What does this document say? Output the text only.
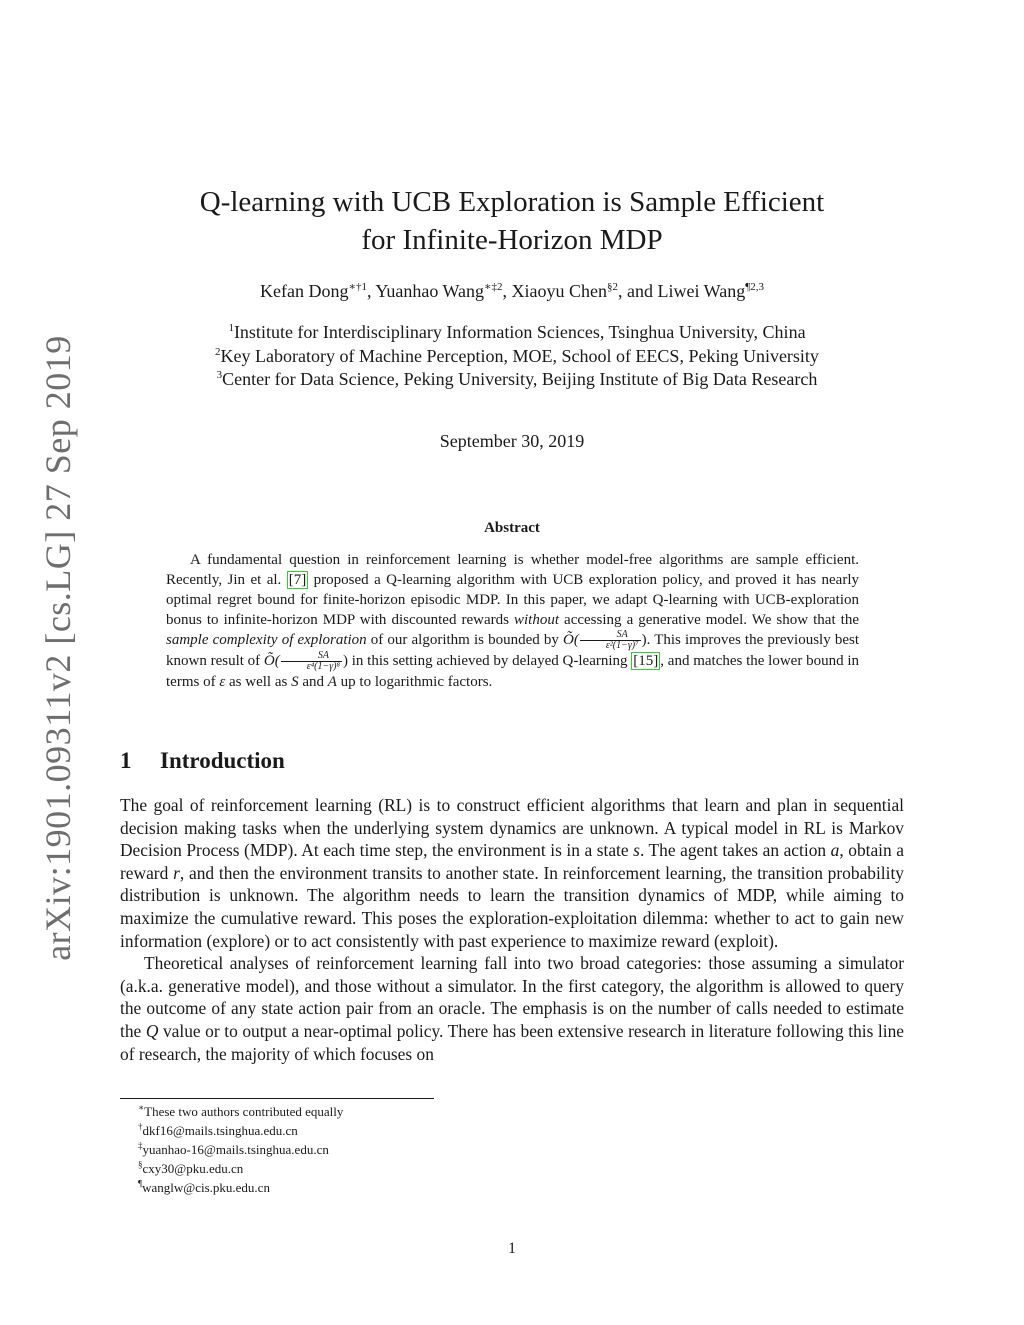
arXiv:1901.09311v2 [cs.LG] 27 Sep 2019
Q-learning with UCB Exploration is Sample Efficient
for Infinite-Horizon MDP
Kefan Dong$^{∗\dagger 1}$, Yuanhao Wang$^{∗\ddagger 2}$, Xiaoyu Chen$^{\S 2}$, and Liwei Wang$^{\P 2,3}$
$^1$Institute for Interdisciplinary Information Sciences, Tsinghua University, China
$^2$Key Laboratory of Machine Perception, MOE, School of EECS, Peking University
$^3$Center for Data Science, Peking University, Beijing Institute of Big Data Research
September 30, 2019
Abstract

A fundamental question in reinforcement learning is whether model-free algorithms are sample efficient. Recently, Jin et al. [7] proposed a Q-learning algorithm with UCB exploration policy, and proved it has nearly optimal regret bound for finite-horizon episodic MDP. In this paper, we adapt Q-learning with UCB-exploration bonus to infinite-horizon MDP with discounted rewards without accessing a generative model. We show that the sample complexity of exploration of our algorithm is bounded by Õ( $\frac{SA}{\text{ε²(1−γ)⁷}}$ ). This improves the previously best known result of Õ( $\frac{SA}{\text{ε⁴(1−γ)⁸}}$ ) in this setting achieved by delayed Q-learning [15] , and matches the lower bound in terms of ε as well as S and A up to logarithmic factors.

1 Introduction

The goal of reinforcement learning (RL) is to construct efficient algorithms that learn and plan in sequential decision making tasks when the underlying system dynamics are unknown. A typical model in RL is Markov Decision Process (MDP). At each time step, the environment is in a state s. The agent takes an action a, obtain a reward r, and then the environment transits to another state. In reinforcement learning, the transition probability distribution is unknown. The algorithm needs to learn the transition dynamics of MDP, while aiming to maximize the cumulative reward. This poses the exploration-exploitation dilemma: whether to act to gain new information (explore) or to act consistently with past experience to maximize reward (exploit).

Theoretical analyses of reinforcement learning fall into two broad categories: those assuming a simulator (a.k.a. generative model), and those without a simulator. In the first category, the algorithm is allowed to query the outcome of any state action pair from an oracle. The emphasis is on the number of calls needed to estimate the Q value or to output a near-optimal policy. There has been extensive research in literature following this line of research, the majority of which focuses on

∗These two authors contributed equally
†dkf16@mails.tsinghua.edu.cn
‡yuanhao-16@mails.tsinghua.edu.cn
§cxy30@pku.edu.cn
¶wanglw@cis.pku.edu.cn
1
